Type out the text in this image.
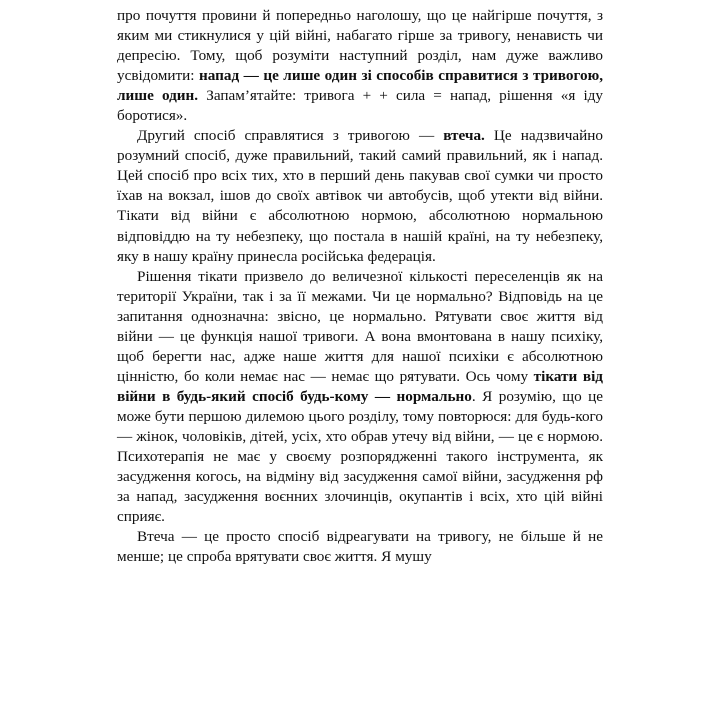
про почуття провини й попередньо наголошу, що це найгірше почуття, з яким ми стикнулися у цій війні, набагато гірше за тривогу, ненависть чи депресію. Тому, щоб розуміти наступний розділ, нам дуже важливо усвідомити: напад — це лише один зі способів справитися з тривогою, лише один. Запам’ятайте: тривога + + сила = напад, рішення «я іду боротися».

Другий спосіб справлятися з тривогою — втеча. Це надзвичайно розумний спосіб, дуже правильний, такий самий правильний, як і напад. Цей спосіб про всіх тих, хто в перший день пакував свої сумки чи просто їхав на вокзал, ішов до своїх автівок чи автобусів, щоб утекти від війни. Тікати від війни є абсолютною нормою, абсолютною нормальною відповіддю на ту небезпеку, що постала в нашій країні, на ту небезпеку, яку в нашу країну принесла російська федерація.

Рішення тікати призвело до величезної кількості переселенців як на території України, так і за її межами. Чи це нормально? Відповідь на це запитання однозначна: звісно, це нормально. Рятувати своє життя від війни — це функція нашої тривоги. А вона вмонтована в нашу психіку, щоб берегти нас, адже наше життя для нашої психіки є абсолютною цінністю, бо коли немає нас — немає що рятувати. Ось чому тікати від війни в будь-який спосіб будь-кому — нормально. Я розумію, що це може бути першою дилемою цього розділу, тому повторюся: для будь-кого — жінок, чоловіків, дітей, усіх, хто обрав утечу від війни, — це є нормою. Психотерапія не має у своєму розпорядженні такого інструмента, як засудження когось, на відміну від засудження самої війни, засудження рф за напад, засудження воєнних злочинців, окупантів і всіх, хто цій війні сприяє.

Втеча — це просто спосіб відреагувати на тривогу, не більше й не менше; це спроба врятувати своє життя. Я мушу
